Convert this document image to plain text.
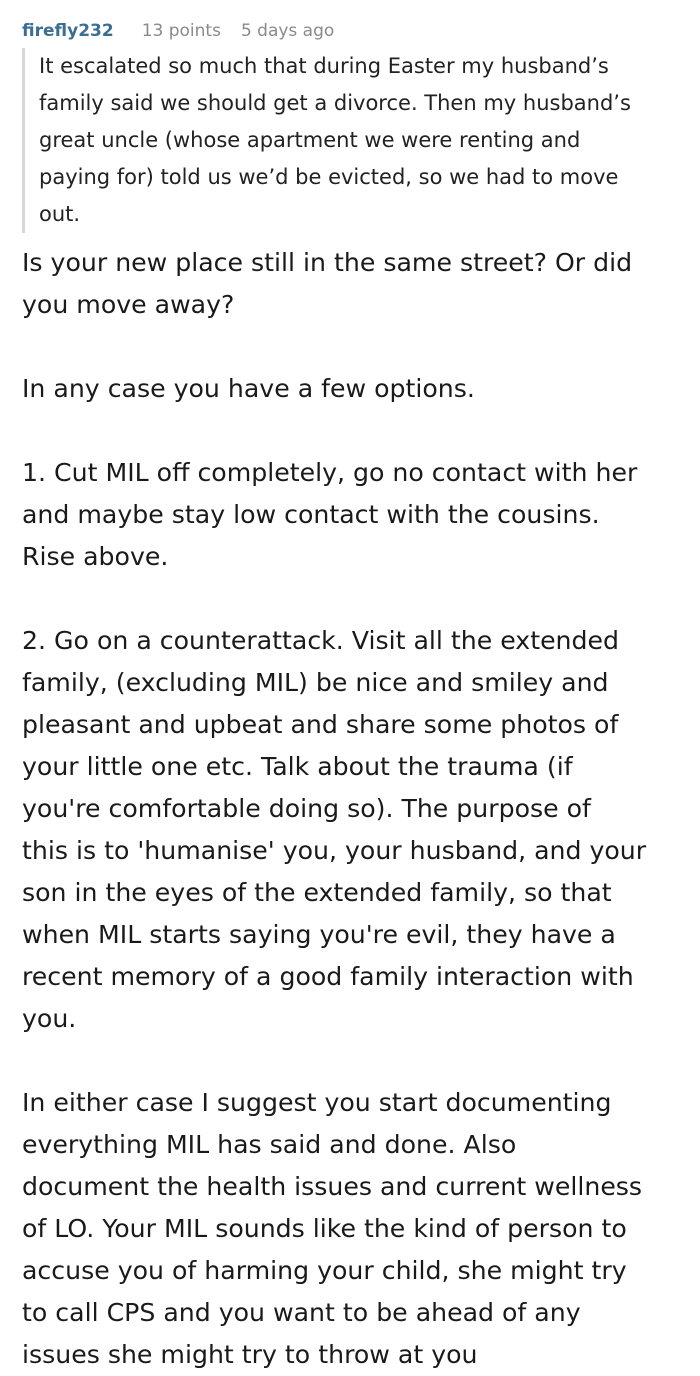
firefly232 13 points 5 days ago

It escalated so much that during Easter my husband’s
family said we should get a divorce. Then my husband’s
great uncle (whose apartment we were renting and
paying for) told us we’d be evicted, so we had to move
out.

Is your new place still in the same street? Or did
you move away?

In any case you have a few options.

1. Cut MIL off completely, go no contact with her
and maybe stay low contact with the cousins.
Rise above.

2. Go on a counterattack. Visit all the extended
family, (excluding MIL) be nice and smiley and
pleasant and upbeat and share some photos of
your little one etc. Talk about the trauma (if
you're comfortable doing so). The purpose of
this is to 'humanise' you, your husband, and your
son in the eyes of the extended family, so that
when MIL starts saying you're evil, they have a
recent memory of a good family interaction with
you.

In either case I suggest you start documenting
everything MIL has said and done. Also
document the health issues and current wellness
of LO. Your MIL sounds like the kind of person to
accuse you of harming your child, she might try
to call CPS and you want to be ahead of any
issues she might try to throw at you
